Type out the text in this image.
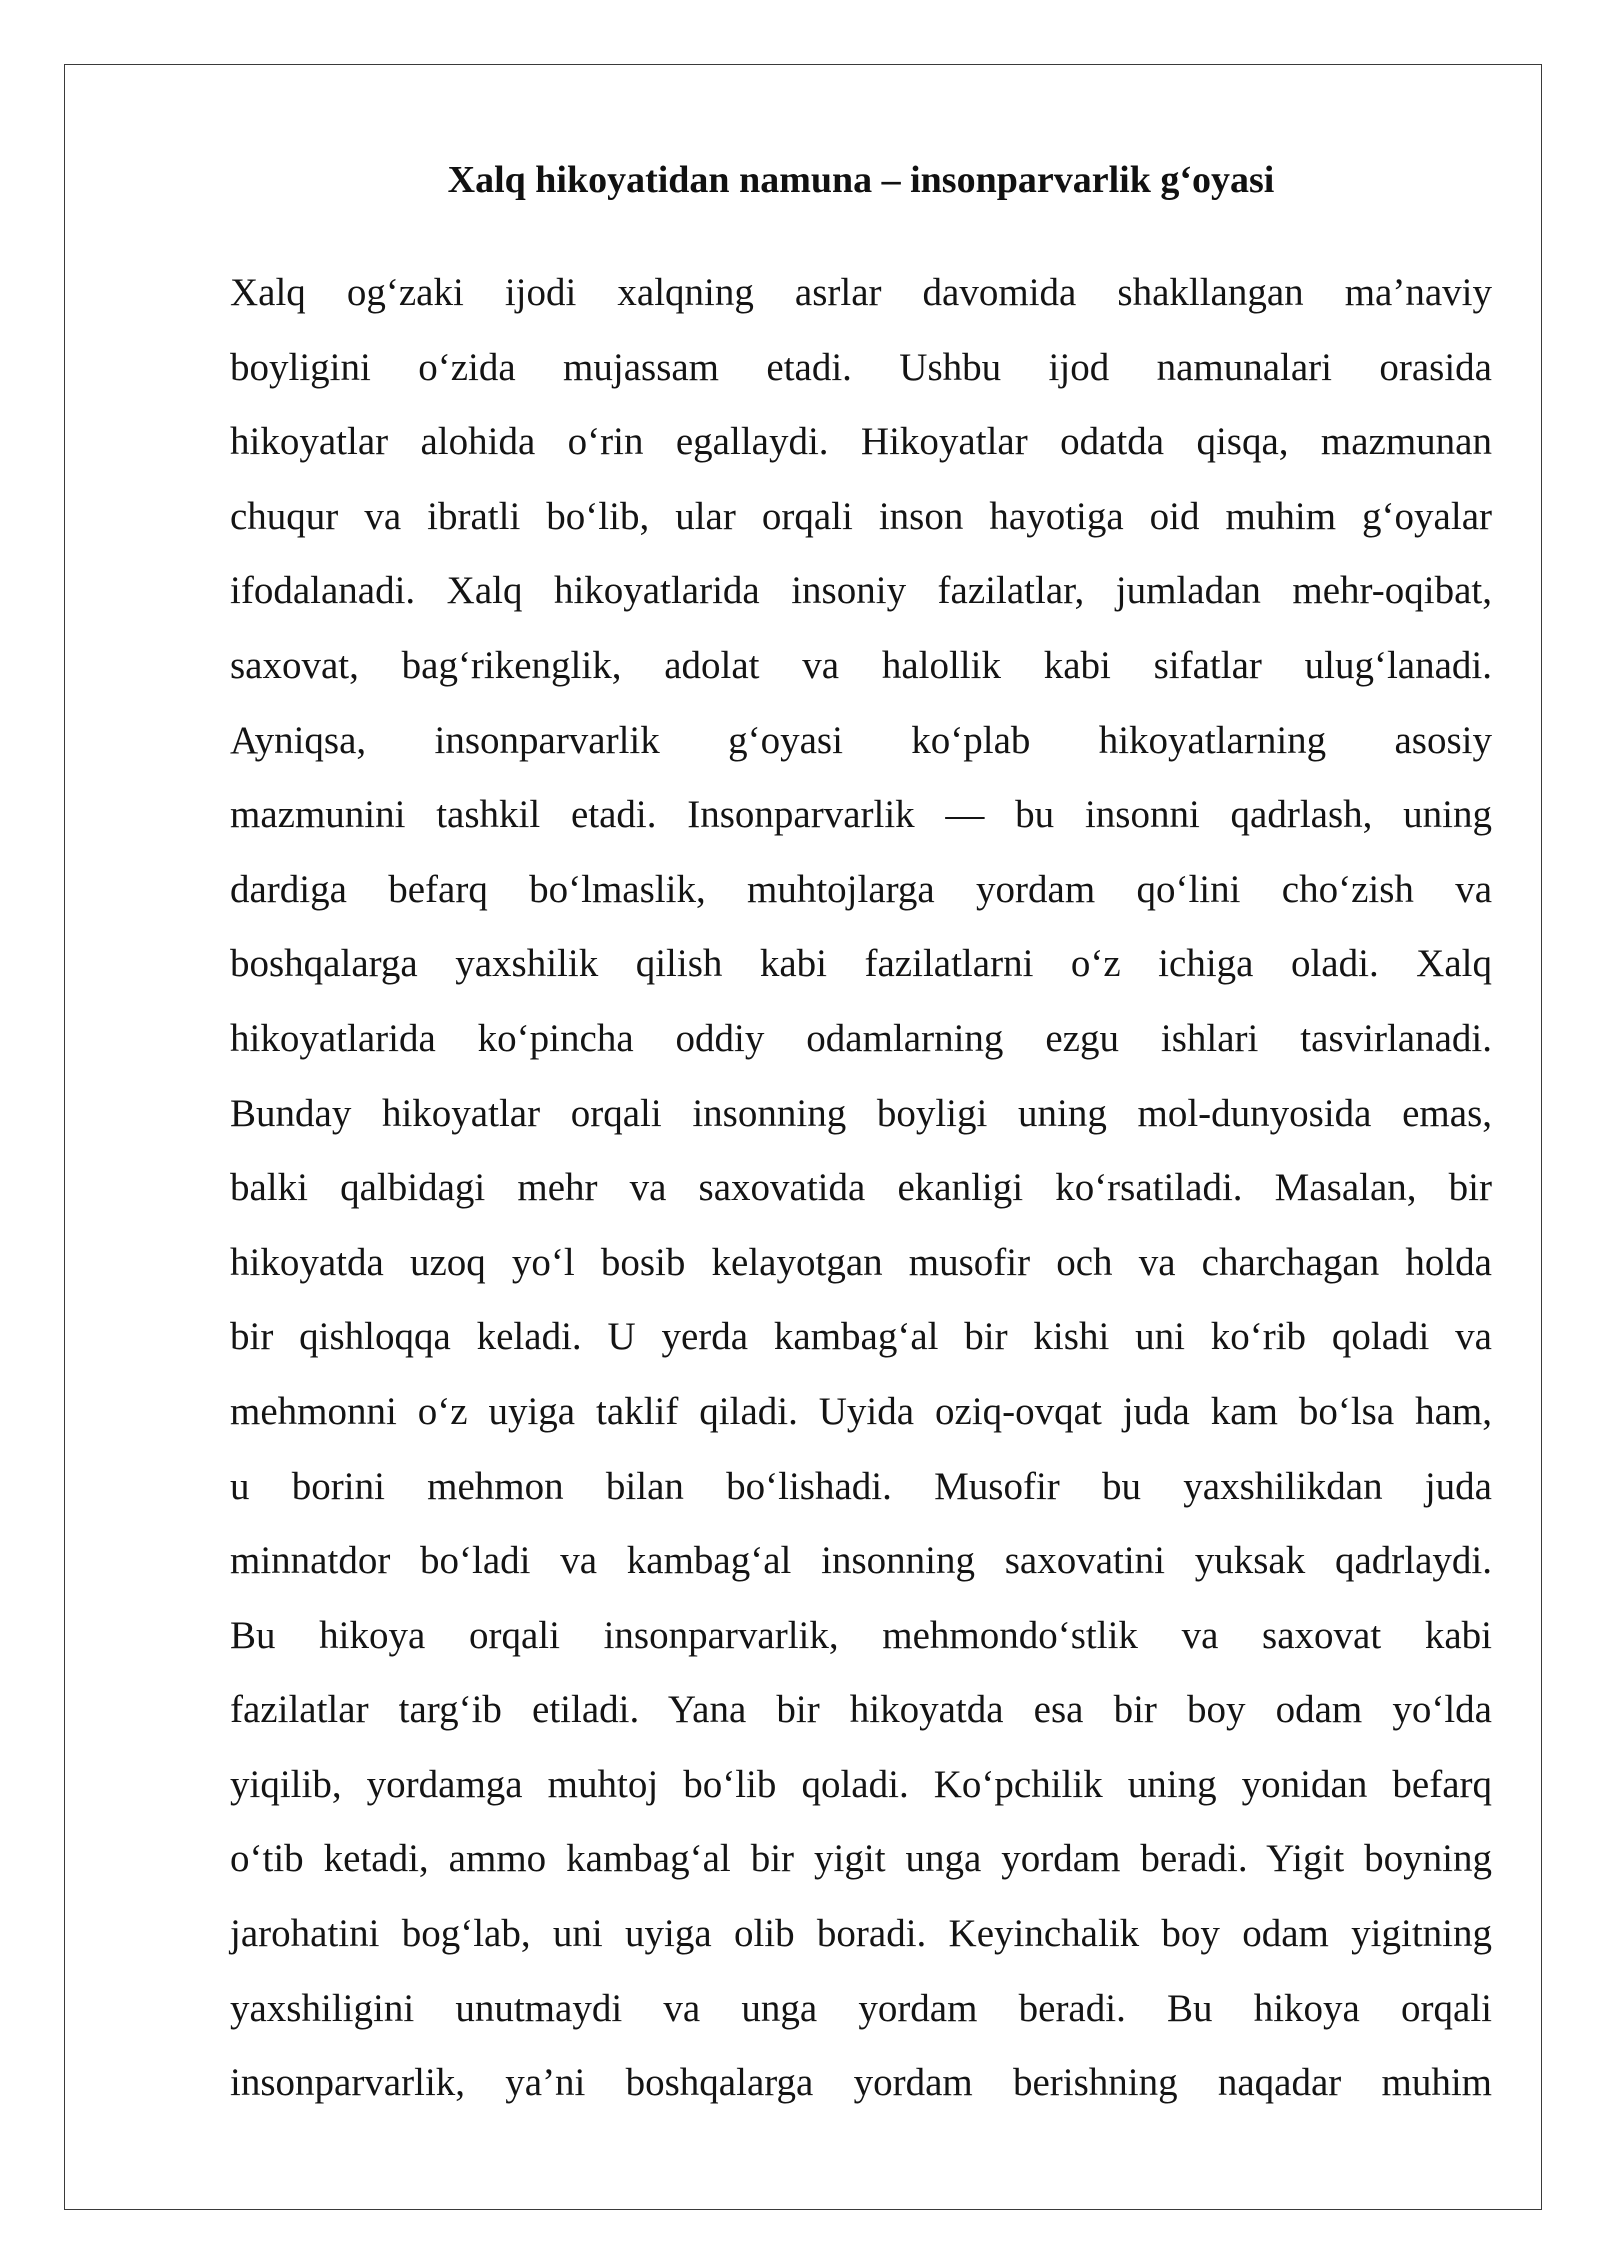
Xalq hikoyatidan namuna – insonparvarlik g‘oyasi
Xalq og‘zaki ijodi xalqning asrlar davomida shakllangan ma’naviy
boyligini o‘zida mujassam etadi. Ushbu ijod namunalari orasida
hikoyatlar alohida o‘rin egallaydi. Hikoyatlar odatda qisqa, mazmunan
chuqur va ibratli bo‘lib, ular orqali inson hayotiga oid muhim g‘oyalar
ifodalanadi. Xalq hikoyatlarida insoniy fazilatlar, jumladan mehr-oqibat,
saxovat, bag‘rikenglik, adolat va halollik kabi sifatlar ulug‘lanadi.
Ayniqsa, insonparvarlik g‘oyasi ko‘plab hikoyatlarning asosiy
mazmunini tashkil etadi. Insonparvarlik — bu insonni qadrlash, uning
dardiga befarq bo‘lmaslik, muhtojlarga yordam qo‘lini cho‘zish va
boshqalarga yaxshilik qilish kabi fazilatlarni o‘z ichiga oladi. Xalq
hikoyatlarida ko‘pincha oddiy odamlarning ezgu ishlari tasvirlanadi.
Bunday hikoyatlar orqali insonning boyligi uning mol-dunyosida emas,
balki qalbidagi mehr va saxovatida ekanligi ko‘rsatiladi. Masalan, bir
hikoyatda uzoq yo‘l bosib kelayotgan musofir och va charchagan holda
bir qishloqqa keladi. U yerda kambag‘al bir kishi uni ko‘rib qoladi va
mehmonni o‘z uyiga taklif qiladi. Uyida oziq-ovqat juda kam bo‘lsa ham,
u borini mehmon bilan bo‘lishadi. Musofir bu yaxshilikdan juda
minnatdor bo‘ladi va kambag‘al insonning saxovatini yuksak qadrlaydi.
Bu hikoya orqali insonparvarlik, mehmondo‘stlik va saxovat kabi
fazilatlar targ‘ib etiladi. Yana bir hikoyatda esa bir boy odam yo‘lda
yiqilib, yordamga muhtoj bo‘lib qoladi. Ko‘pchilik uning yonidan befarq
o‘tib ketadi, ammo kambag‘al bir yigit unga yordam beradi. Yigit boyning
jarohatini bog‘lab, uni uyiga olib boradi. Keyinchalik boy odam yigitning
yaxshiligini unutmaydi va unga yordam beradi. Bu hikoya orqali
insonparvarlik, ya’ni boshqalarga yordam berishning naqadar muhim
